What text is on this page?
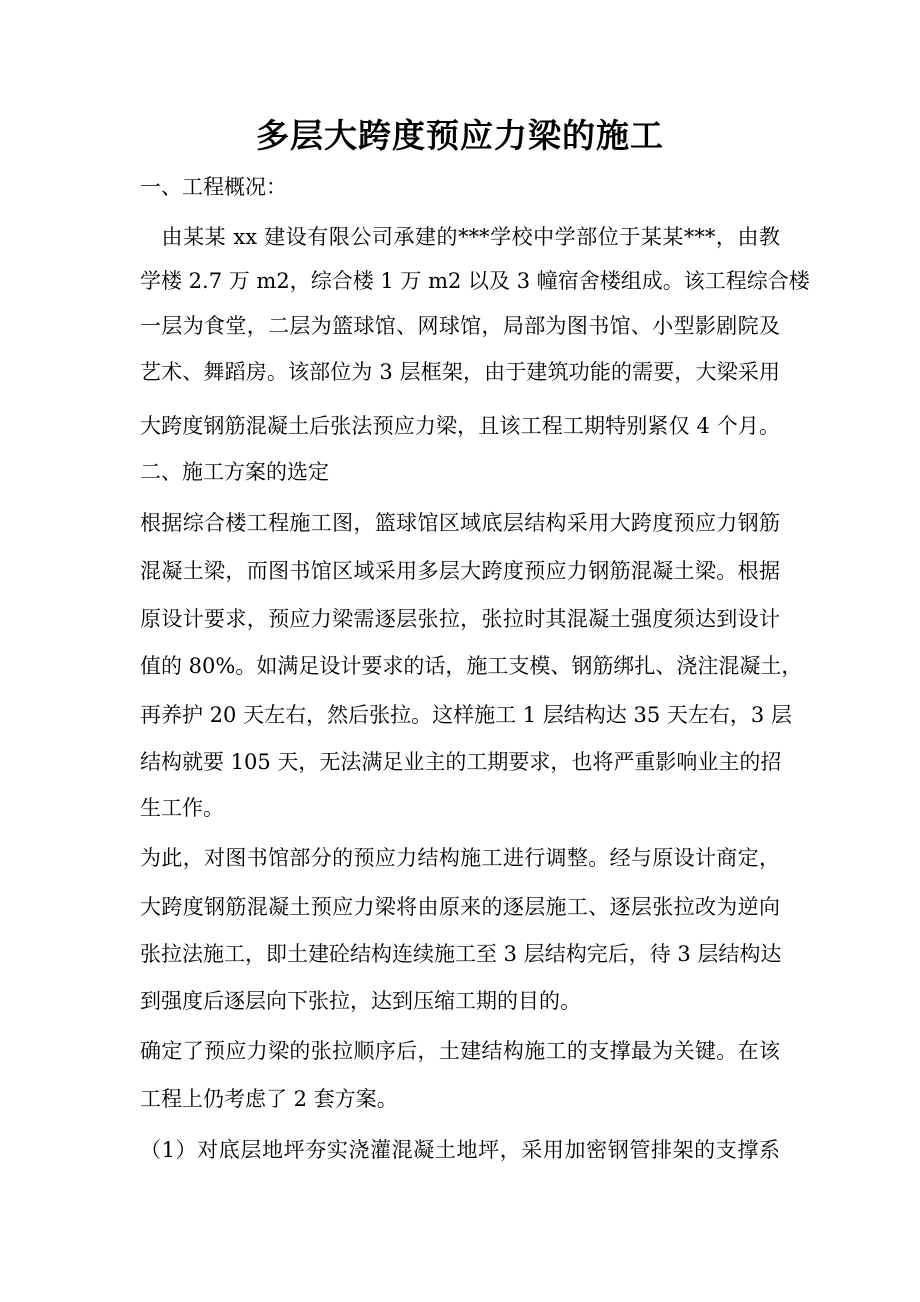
多层大跨度预应力梁的施工
一、工程概况：
　由某某 xx 建设有限公司承建的***学校中学部位于某某***，由教
学楼 2.7 万 m2，综合楼 1 万 m2 以及 3 幢宿舍楼组成。该工程综合楼
一层为食堂，二层为篮球馆、网球馆，局部为图书馆、小型影剧院及
艺术、舞蹈房。该部位为 3 层框架，由于建筑功能的需要，大梁采用
大跨度钢筋混凝土后张法预应力梁，且该工程工期特别紧仅 4 个月。
二、施工方案的选定
根据综合楼工程施工图，篮球馆区域底层结构采用大跨度预应力钢筋
混凝土梁，而图书馆区域采用多层大跨度预应力钢筋混凝土梁。根据
原设计要求，预应力梁需逐层张拉，张拉时其混凝土强度须达到设计
值的 80%。如满足设计要求的话，施工支模、钢筋绑扎、浇注混凝土，
再养护 20 天左右，然后张拉。这样施工 1 层结构达 35 天左右，3 层
结构就要 105 天，无法满足业主的工期要求，也将严重影响业主的招
生工作。
为此，对图书馆部分的预应力结构施工进行调整。经与原设计商定，
大跨度钢筋混凝土预应力梁将由原来的逐层施工、逐层张拉改为逆向
张拉法施工，即土建砼结构连续施工至 3 层结构完后，待 3 层结构达
到强度后逐层向下张拉，达到压缩工期的目的。
确定了预应力梁的张拉顺序后，土建结构施工的支撑最为关键。在该
工程上仍考虑了 2 套方案。
（1）对底层地坪夯实浇灌混凝土地坪，采用加密钢管排架的支撑系
